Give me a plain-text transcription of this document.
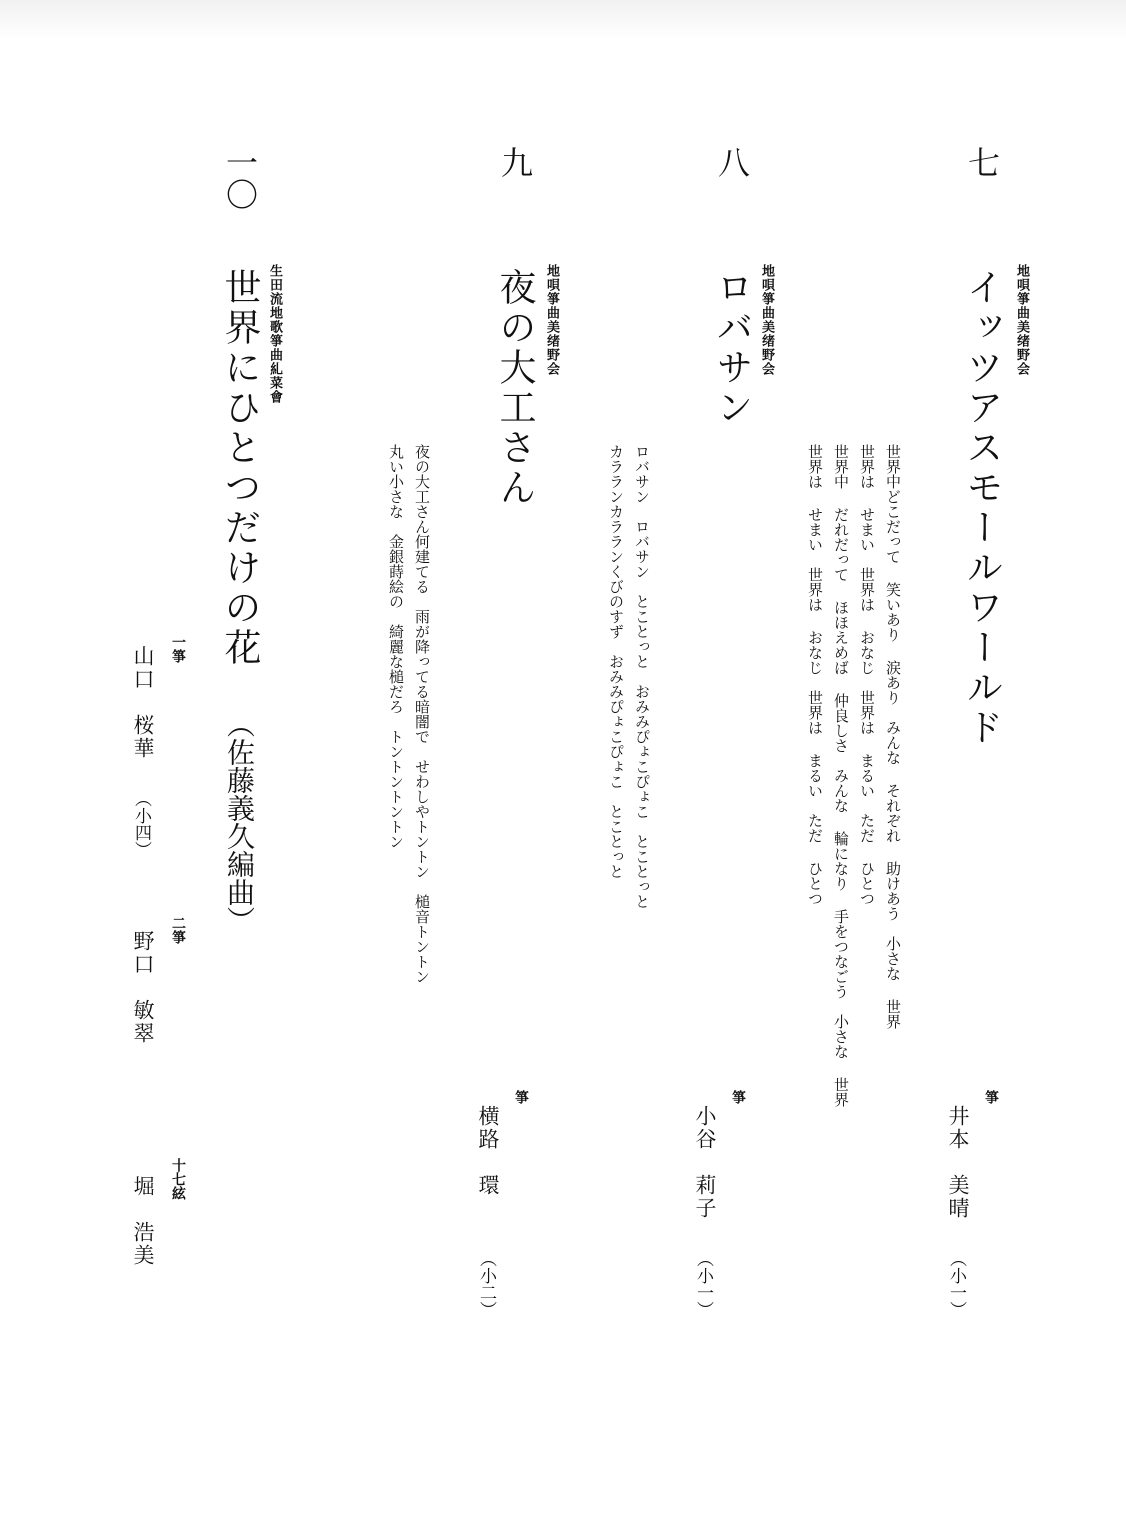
七
地唄箏曲美绪野会
イッツアスモールワールド
世界中どこだって 笑いあり 涙あり　みんな それぞれ 助けあう　小さな 世界
世界は せまい　世界は おなじ　世界は まるい　ただ ひとつ
世界中 だれだって ほほえめば 仲良しさ　みんな 輪になり 手をつなごう　小さな 世界
世界は せまい　世界は おなじ　世界は まるい　ただ ひとつ
箏
井本　美晴
（小一）
八
地唄箏曲美绪野会
ロバサン
ロバサン　ロバサン　とことっと　おみみぴょこぴょこ　とことっと
カラランカラランくびのすず　おみみぴょこぴょこ　とことっと
箏
小谷　莉子
（小一）
九
地唄箏曲美绪野会
夜の大工さん
夜の大工さん何建てる　雨が降ってる暗闇で　せわしやトントン　槌音トントン
丸い小さな　金銀蒔絵の　綺麗な槌だろ　トントントントン
箏
横路　環
（小二）
一〇
生田流地歌箏曲糺菜會
世界にひとつだけの花
（佐藤義久編曲）
一箏
山口　桜華
（小四）
二箏
野口　敏翠
十七絃
堀　浩美
